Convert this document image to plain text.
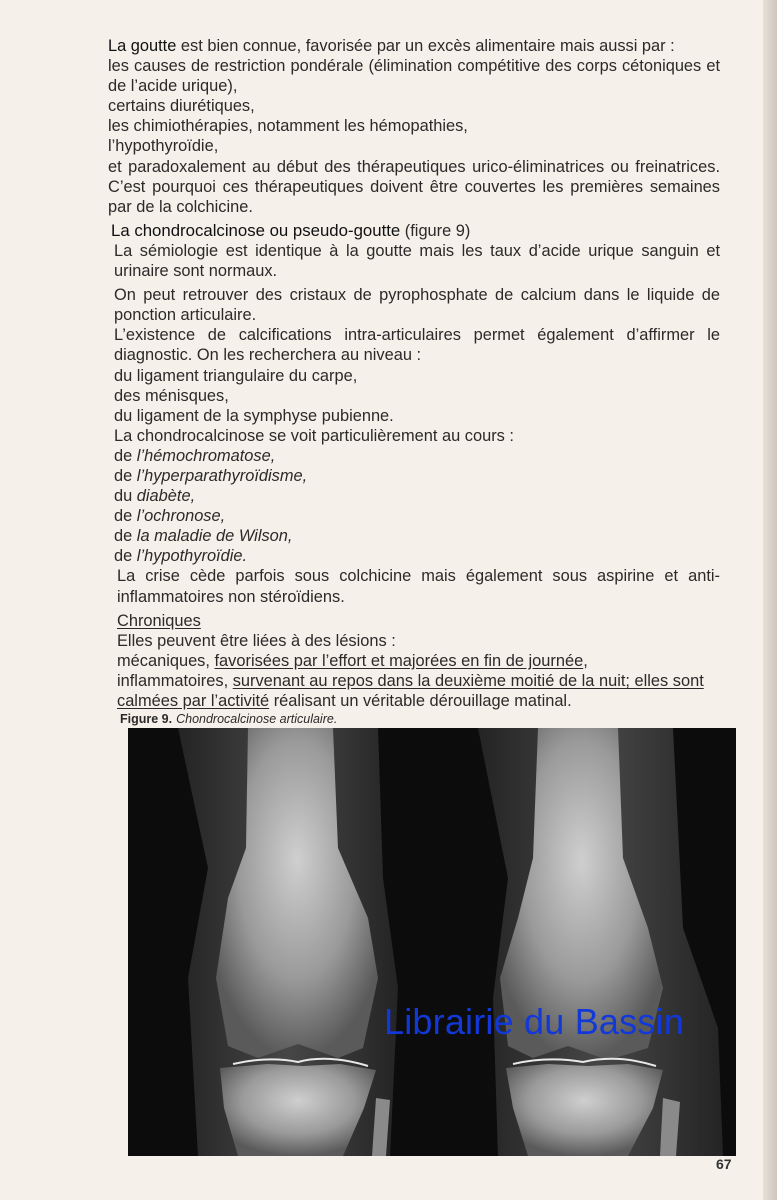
La goutte est bien connue, favorisée par un excès alimentaire mais aussi par :

les causes de restriction pondérale (élimination compétitive des corps cétoniques et de l’acide urique),

certains diurétiques,

les chimiothérapies, notamment les hémopathies,

l’hypothyroïdie,

et paradoxalement au début des thérapeutiques urico-éliminatrices ou freinatrices. C’est pourquoi ces thérapeutiques doivent être couvertes les premières semaines par de la colchicine.

La chondrocalcinose ou pseudo-goutte (figure 9)

La sémiologie est identique à la goutte mais les taux d’acide urique sanguin et urinaire sont normaux.

On peut retrouver des cristaux de pyrophosphate de calcium dans le liquide de ponction articulaire.

L’existence de calcifications intra-articulaires permet également d’affirmer le diagnostic. On les recherchera au niveau :

du ligament triangulaire du carpe,

des ménisques,

du ligament de la symphyse pubienne.

La chondrocalcinose se voit particulièrement au cours :

de l’hémochromatose,

de l’hyperparathyroïdisme,

du diabète,

de l’ochronose,

de la maladie de Wilson,

de l’hypothyroïdie.

La crise cède parfois sous colchicine mais également sous aspirine et anti-inflammatoires non stéroïdiens.

Chroniques

Elles peuvent être liées à des lésions :

mécaniques, favorisées par l’effort et majorées en fin de journée,

inflammatoires, survenant au repos dans la deuxième moitié de la nuit; elles sont calmées par l’activité réalisant un véritable dérouillage matinal.

Figure 9. Chondrocalcinose articulaire.
Librairie du Bassin
67
